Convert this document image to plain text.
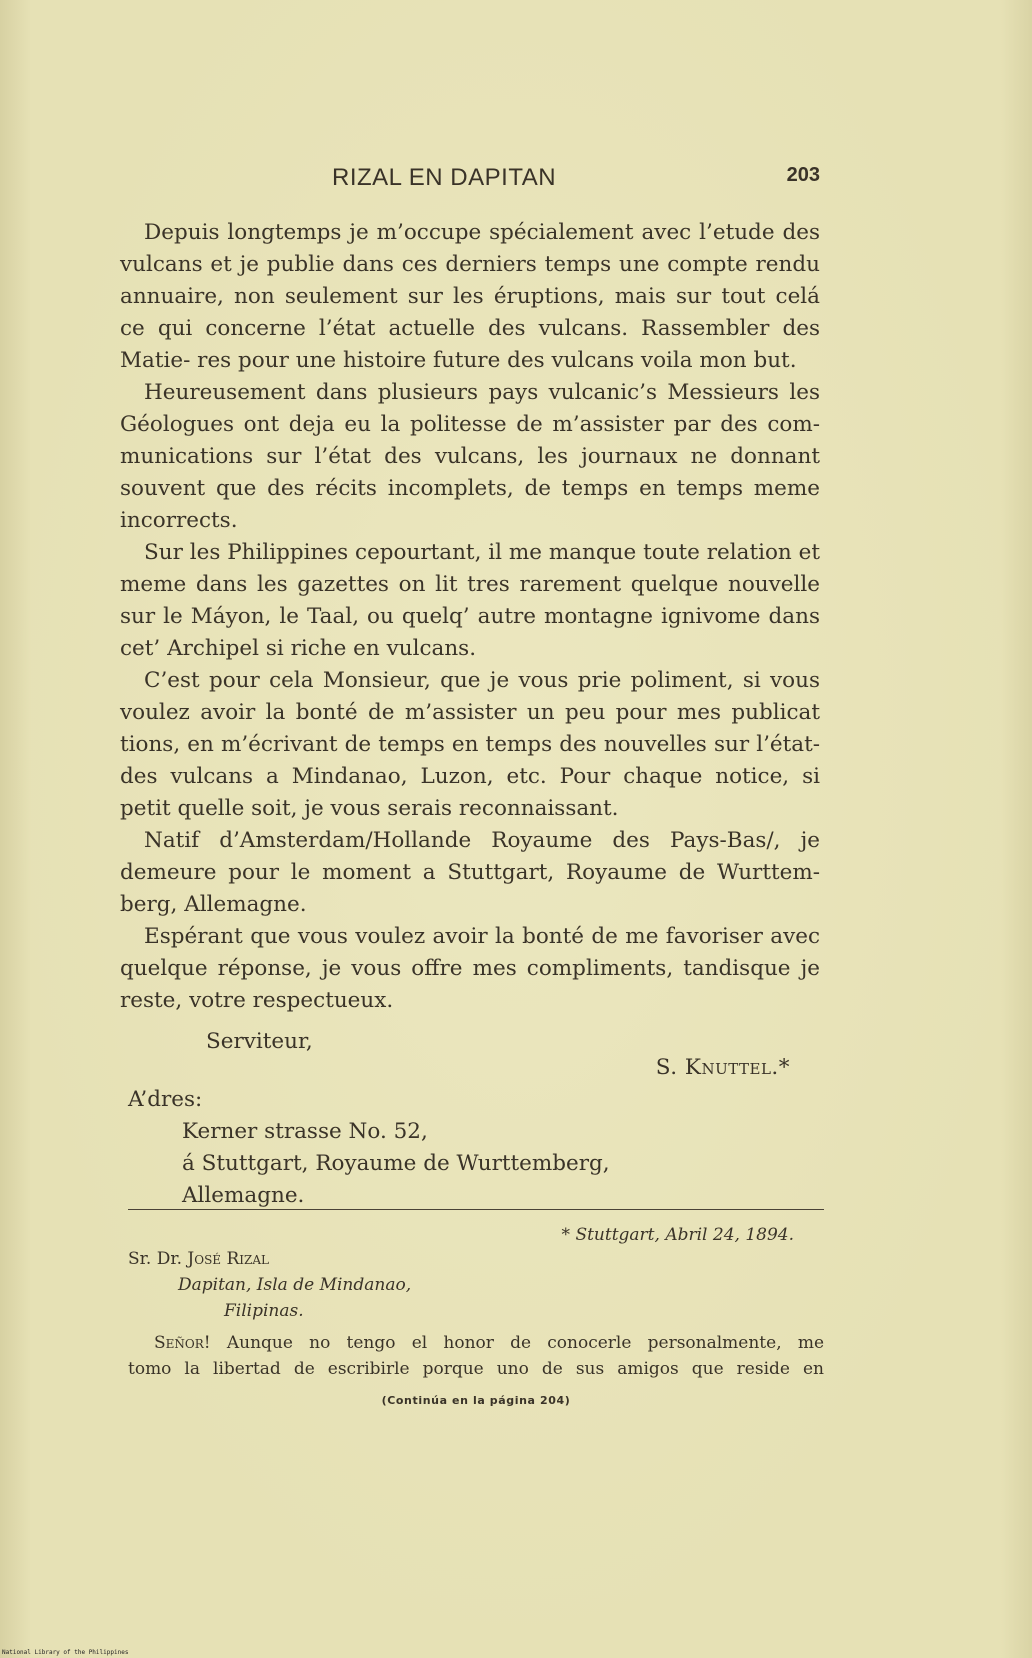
RIZAL EN DAPITAN	203

Depuis longtemps je m’occupe spécialement avec l’etude des vulcans et je publie dans ces derniers temps une compte rendu annuaire, non seulement sur les éruptions, mais sur tout celá ce qui concerne l’état actuelle des vulcans. Rassembler des Matie- res pour une histoire future des vulcans voila mon but.

Heureusement dans plusieurs pays vulcanic’s Messieurs les Géologues ont deja eu la politesse de m’assister par des com- munications sur l’état des vulcans, les journaux ne donnant souvent que des récits incomplets, de temps en temps meme incorrects.

Sur les Philippines cepourtant, il me manque toute relation et meme dans les gazettes on lit tres rarement quelque nouvelle sur le Máyon, le Taal, ou quelq’ autre montagne ignivome dans cet’ Archipel si riche en vulcans.

C’est pour cela Monsieur, que je vous prie poliment, si vous voulez avoir la bonté de m’assister un peu pour mes publicat tions, en m’écrivant de temps en temps des nouvelles sur l’état- des vulcans a Mindanao, Luzon, etc. Pour chaque notice, si petit quelle soit, je vous serais reconnaissant.

Natif d’Amsterdam/Hollande Royaume des Pays-Bas/, je demeure pour le moment a Stuttgart, Royaume de Wurttem- berg, Allemagne.

Espérant que vous voulez avoir la bonté de me favoriser avec quelque réponse, je vous offre mes compliments, tandisque je reste, votre respectueux.

Serviteur,
S. Knuttel.*
A’dres:
Kerner strasse No. 52,
á Stuttgart, Royaume de Wurttemberg,
Allemagne.
* Stuttgart, Abril 24, 1894.
Sr. Dr. José Rizal
Dapitan, Isla de Mindanao,
Filipinas.
Señor! Aunque no tengo el honor de conocerle personalmente, me
tomo la libertad de escribirle porque uno de sus amigos que reside en
(Continúa en la página 204)
National Library of the Philippines
